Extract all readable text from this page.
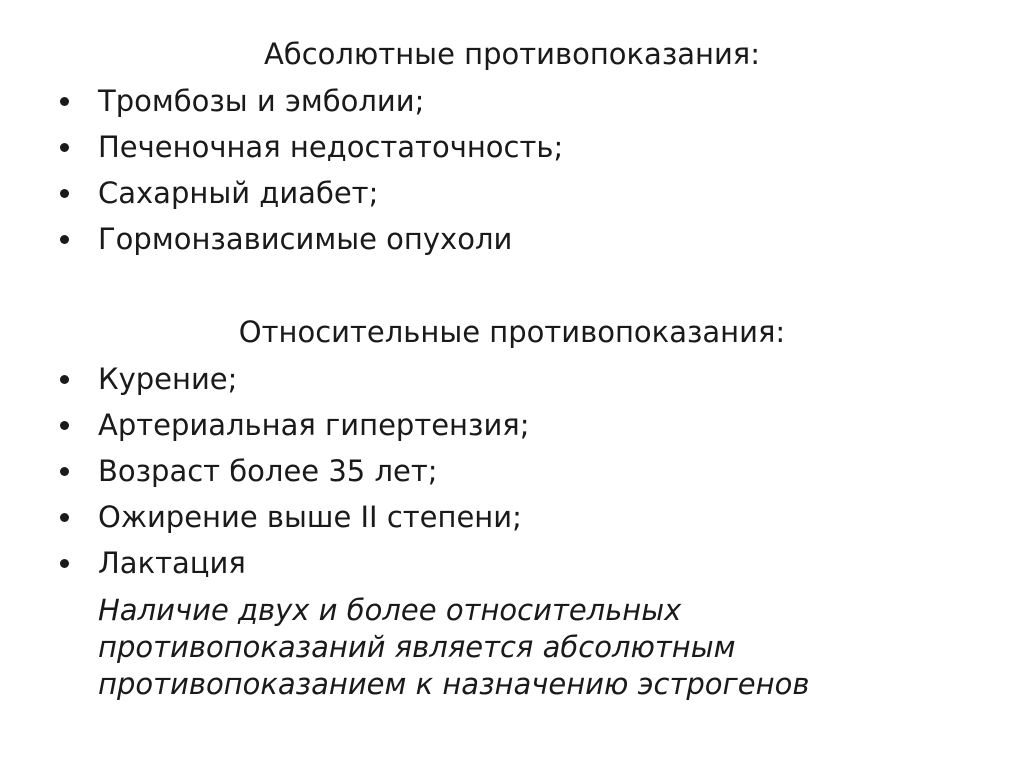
Абсолютные противопоказания:
Тромбозы и эмболии;
Печеночная недостаточность;
Сахарный диабет;
Гормонзависимые опухоли
Относительные противопоказания:
Курение;
Артериальная гипертензия;
Возраст более 35 лет;
Ожирение выше II степени;
Лактация

Наличие двух и более относительных
противопоказаний является абсолютным
противопоказанием к назначению эстрогенов
